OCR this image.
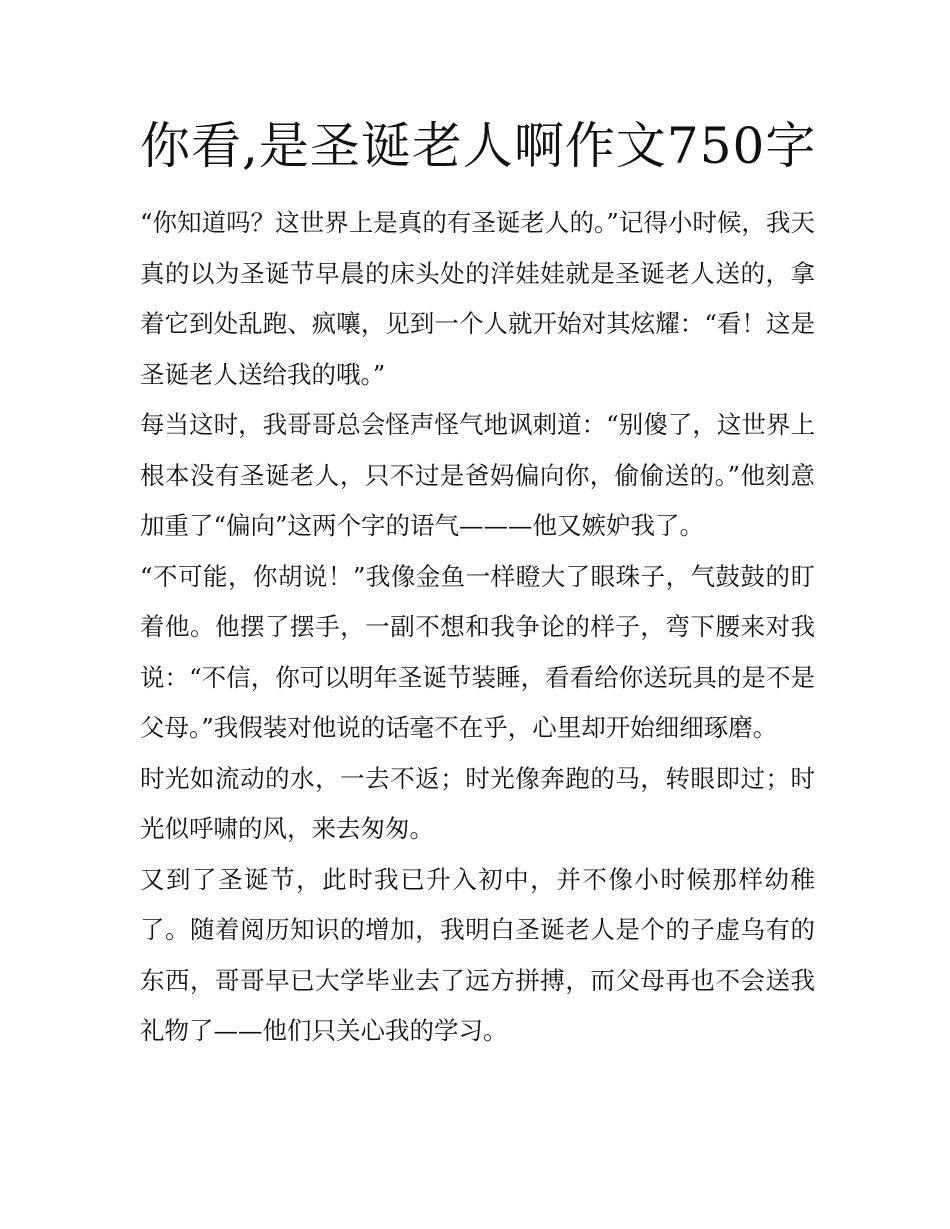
你看,是圣诞老人啊作文750字

“你知道吗？这世界上是真的有圣诞老人的。”记得小时候，我天真的以为圣诞节早晨的床头处的洋娃娃就是圣诞老人送的，拿着它到处乱跑、疯嚷，见到一个人就开始对其炫耀：“看！这是圣诞老人送给我的哦。”

每当这时，我哥哥总会怪声怪气地讽刺道：“别傻了，这世界上根本没有圣诞老人，只不过是爸妈偏向你，偷偷送的。”他刻意加重了“偏向”这两个字的语气———他又嫉妒我了。

“不可能，你胡说！”我像金鱼一样瞪大了眼珠子，气鼓鼓的盯着他。他摆了摆手，一副不想和我争论的样子，弯下腰来对我说：“不信，你可以明年圣诞节装睡，看看给你送玩具的是不是父母。”我假装对他说的话毫不在乎，心里却开始细细琢磨。

时光如流动的水，一去不返；时光像奔跑的马，转眼即过；时光似呼啸的风，来去匆匆。

又到了圣诞节，此时我已升入初中，并不像小时候那样幼稚了。随着阅历知识的增加，我明白圣诞老人是个的子虚乌有的东西，哥哥早已大学毕业去了远方拼搏，而父母再也不会送我礼物了——他们只关心我的学习。
